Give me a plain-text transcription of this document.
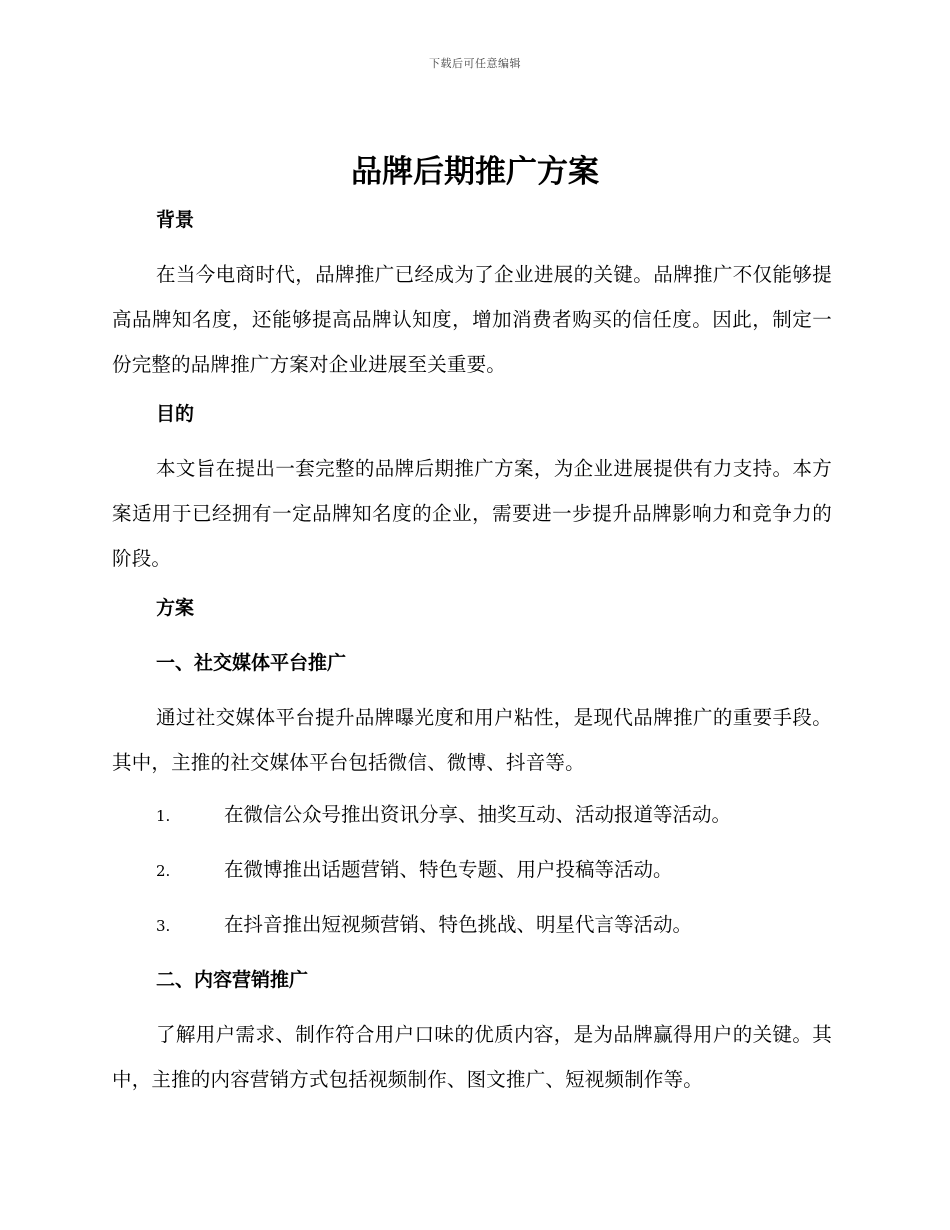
下载后可任意编辑
品牌后期推广方案
背景
在当今电商时代，品牌推广已经成为了企业进展的关键。品牌推广不仅能够提高品牌知名度，还能够提高品牌认知度，增加消费者购买的信任度。因此，制定一份完整的品牌推广方案对企业进展至关重要。
目的
本文旨在提出一套完整的品牌后期推广方案，为企业进展提供有力支持。本方案适用于已经拥有一定品牌知名度的企业，需要进一步提升品牌影响力和竞争力的阶段。
方案
一、社交媒体平台推广
通过社交媒体平台提升品牌曝光度和用户粘性，是现代品牌推广的重要手段。其中，主推的社交媒体平台包括微信、微博、抖音等。
1.	在微信公众号推出资讯分享、抽奖互动、活动报道等活动。
2.	在微博推出话题营销、特色专题、用户投稿等活动。
3.	在抖音推出短视频营销、特色挑战、明星代言等活动。
二、内容营销推广
了解用户需求、制作符合用户口味的优质内容，是为品牌赢得用户的关键。其中，主推的内容营销方式包括视频制作、图文推广、短视频制作等。
